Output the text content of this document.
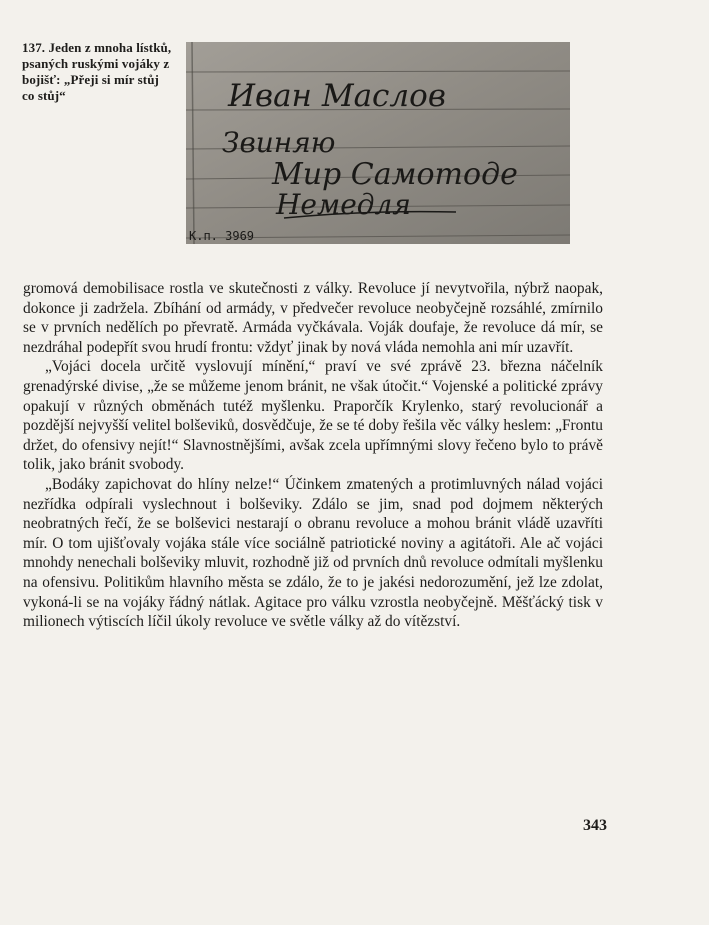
137. Jeden z mnoha lístků, psaných ruskými vojáky z bojišť: „Přeji si mír stůj co stůj“	Иван Маслов
Звиняю
Мир Самотоде
Немедля
К.п. 3969

gromová demobilisace rostla ve skutečnosti z války. Revoluce jí nevytvořila, nýbrž naopak, dokonce ji zadržela. Zbíhání od armády, v předvečer revoluce neobyčejně rozsáhlé, zmírnilo se v prvních nedělích po převratě. Armáda vyčkávala. Voják doufaje, že revoluce dá mír, se nezdráhal podepřít svou hrudí frontu: vždyť jinak by nová vláda nemohla ani mír uzavřít.

„Vojáci docela určitě vyslovují mínění,“ praví ve své zprávě 23. března náčelník grenadýrské divise, „že se můžeme jenom bránit, ne však útočit.“ Vojenské a politické zprávy opakují v různých obměnách tutéž myšlenku. Praporčík Krylenko, starý revolucionář a pozdější nejvyšší velitel bolševiků, dosvědčuje, že se té doby řešila věc války heslem: „Frontu držet, do ofensivy nejít!“ Slavnostnějšími, avšak zcela upřímnými slovy řečeno bylo to právě tolik, jako bránit svobody.

„Bodáky zapichovat do hlíny nelze!“ Účinkem zmatených a protimluvných nálad vojáci nezřídka odpírali vyslechnout i bolševiky. Zdálo se jim, snad pod dojmem některých neobratných řečí, že se bolševici nestarají o obranu revoluce a mohou bránit vládě uzavříti mír. O tom ujišťovaly vojáka stále více sociálně patriotické noviny a agitátoři. Ale ač vojáci mnohdy nenechali bolševiky mluvit, rozhodně již od prvních dnů revoluce odmítali myšlenku na ofensivu. Politikům hlavního města se zdálo, že to je jakési nedorozumění, jež lze zdolat, vykoná-li se na vojáky řádný nátlak. Agitace pro válku vzrostla neobyčejně. Měšťácký tisk v milionech výtiscích líčil úkoly revoluce ve světle války až do vítězství.

343
